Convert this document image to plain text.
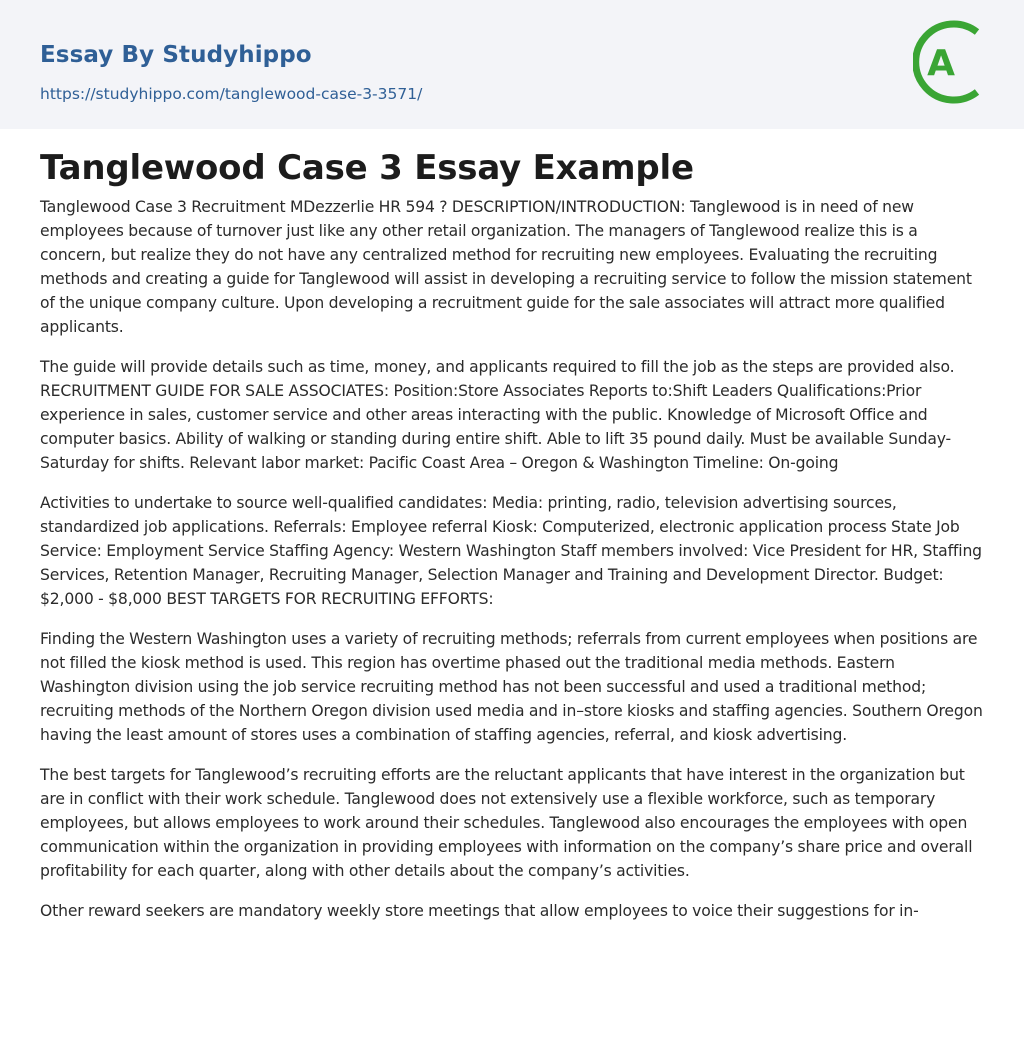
Essay By Studyhippo
https://studyhippo.com/tanglewood-case-3-3571/
A
Tanglewood Case 3 Essay Example

Tanglewood Case 3 Recruitment MDezzerlie HR 594 ? DESCRIPTION/INTRODUCTION: Tanglewood is in need of new employees because of turnover just like any other retail organization. The managers of Tanglewood realize this is a concern, but realize they do not have any centralized method for recruiting new employees. Evaluating the recruiting methods and creating a guide for Tanglewood will assist in developing a recruiting service to follow the mission statement of the unique company culture. Upon developing a recruitment guide for the sale associates will attract more qualified applicants.

The guide will provide details such as time, money, and applicants required to fill the job as the steps are provided also. RECRUITMENT GUIDE FOR SALE ASSOCIATES: Position:Store Associates Reports to:Shift Leaders Qualifications:Prior experience in sales, customer service and other areas interacting with the public. Knowledge of Microsoft Office and computer basics. Ability of walking or standing during entire shift. Able to lift 35 pound daily. Must be available Sunday-Saturday for shifts. Relevant labor market: Pacific Coast Area – Oregon & Washington Timeline: On-going

Activities to undertake to source well-qualified candidates: Media: printing, radio, television advertising sources, standardized job applications. Referrals: Employee referral Kiosk: Computerized, electronic application process State Job Service: Employment Service Staffing Agency: Western Washington Staff members involved: Vice President for HR, Staffing Services, Retention Manager, Recruiting Manager, Selection Manager and Training and Development Director. Budget: $2,000 - $8,000 BEST TARGETS FOR RECRUITING EFFORTS:

Finding the Western Washington uses a variety of recruiting methods; referrals from current employees when positions are not filled the kiosk method is used. This region has overtime phased out the traditional media methods. Eastern Washington division using the job service recruiting method has not been successful and used a traditional method; recruiting methods of the Northern Oregon division used media and in–store kiosks and staffing agencies. Southern Oregon having the least amount of stores uses a combination of staffing agencies, referral, and kiosk advertising.

The best targets for Tanglewood’s recruiting efforts are the reluctant applicants that have interest in the organization but are in conflict with their work schedule. Tanglewood does not extensively use a flexible workforce, such as temporary employees, but allows employees to work around their schedules. Tanglewood also encourages the employees with open communication within the organization in providing employees with information on the company’s share price and overall profitability for each quarter, along with other details about the company’s activities.

Other reward seekers are mandatory weekly store meetings that allow employees to voice their suggestions for in-
